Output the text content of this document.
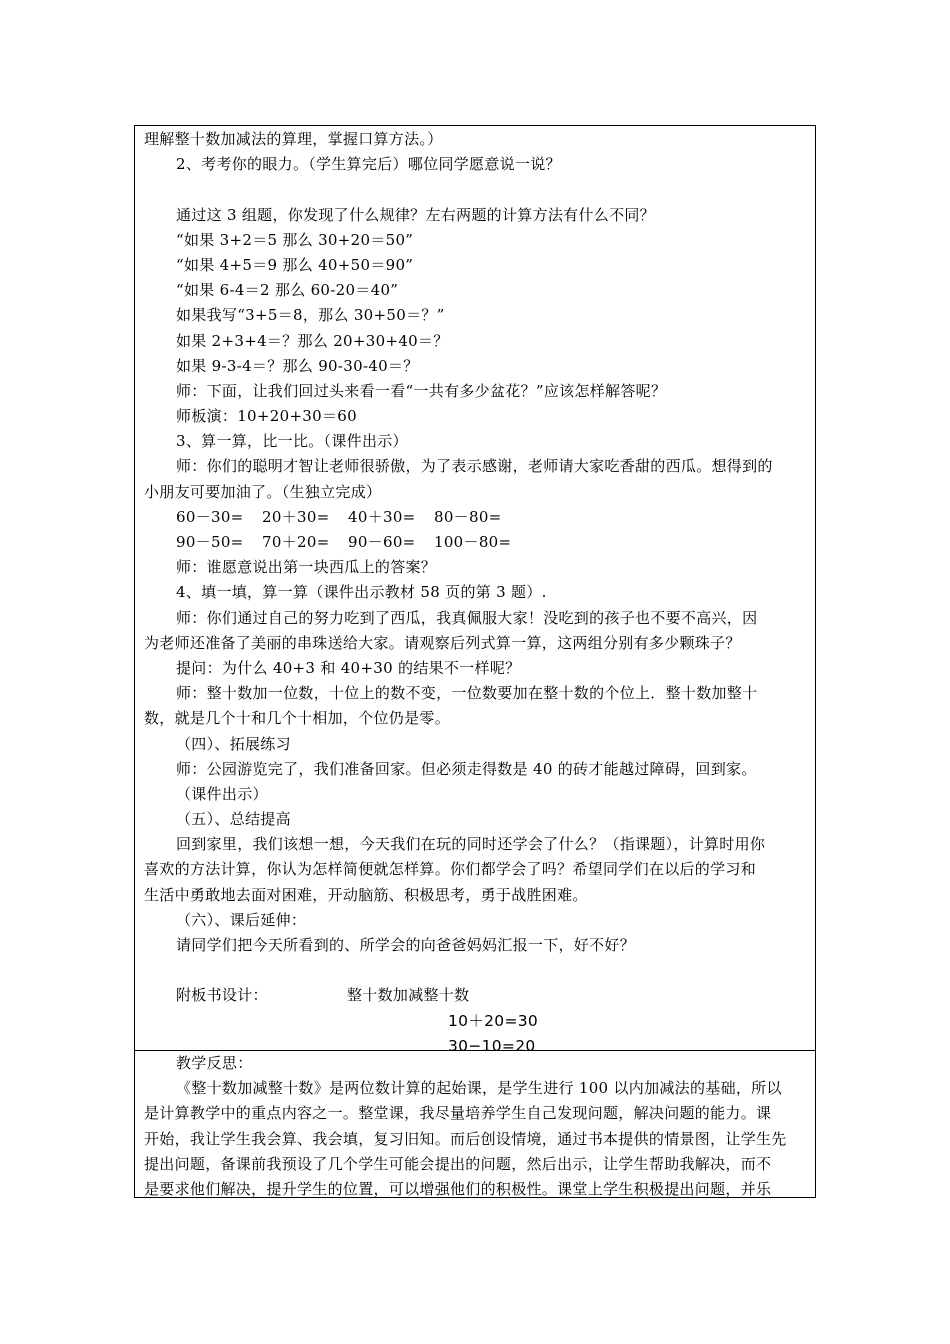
理解整十数加减法的算理，掌握口算方法。）
2、考考你的眼力。（学生算完后）哪位同学愿意说一说？
通过这 3 组题，你发现了什么规律？左右两题的计算方法有什么不同？
“如果 3+2＝5 那么 30+20＝50”
“如果 4+5＝9 那么 40+50＝90”
“如果 6-4＝2 那么 60-20＝40”
如果我写“3+5＝8，那么 30+50＝？”
如果 2+3+4＝？那么 20+30+40＝？
如果 9-3-4＝？那么 90-30-40＝？
师：下面，让我们回过头来看一看“一共有多少盆花？”应该怎样解答呢？
师板演：10+20+30＝60
3、算一算，比一比。（课件出示）
师：你们的聪明才智让老师很骄傲，为了表示感谢，老师请大家吃香甜的西瓜。想得到的
小朋友可要加油了。（生独立完成）
60－30= 20＋30= 40＋30= 80－80=
90－50= 70＋20= 90－60= 100－80=
师：谁愿意说出第一块西瓜上的答案？
4、填一填，算一算（课件出示教材 58 页的第 3 题）.
师：你们通过自己的努力吃到了西瓜，我真佩服大家！没吃到的孩子也不要不高兴，因
为老师还准备了美丽的串珠送给大家。请观察后列式算一算，这两组分别有多少颗珠子？
提问：为什么 40+3 和 40+30 的结果不一样呢？
师：整十数加一位数，十位上的数不变，一位数要加在整十数的个位上．整十数加整十
数，就是几个十和几个十相加，个位仍是零。
（四）、拓展练习
师：公园游览完了，我们准备回家。但必须走得数是 40 的砖才能越过障碍，回到家。
（课件出示）
（五）、总结提高
回到家里，我们该想一想，今天我们在玩的同时还学会了什么？（指课题），计算时用你
喜欢的方法计算，你认为怎样简便就怎样算。你们都学会了吗？希望同学们在以后的学习和
生活中勇敢地去面对困难，开动脑筋、积极思考，勇于战胜困难。
（六）、课后延伸：
请同学们把今天所看到的、所学会的向爸爸妈妈汇报一下，好不好？
附板书设计：	整十数加减整十数
10＋20=30
30−10=20
教学反思：
《整十数加减整十数》是两位数计算的起始课，是学生进行 100 以内加减法的基础，所以
是计算教学中的重点内容之一。整堂课，我尽量培养学生自己发现问题，解决问题的能力。课
开始，我让学生我会算、我会填，复习旧知。而后创设情境，通过书本提供的情景图，让学生先
提出问题，备课前我预设了几个学生可能会提出的问题，然后出示，让学生帮助我解决，而不
是要求他们解决，提升学生的位置，可以增强他们的积极性。课堂上学生积极提出问题，并乐
